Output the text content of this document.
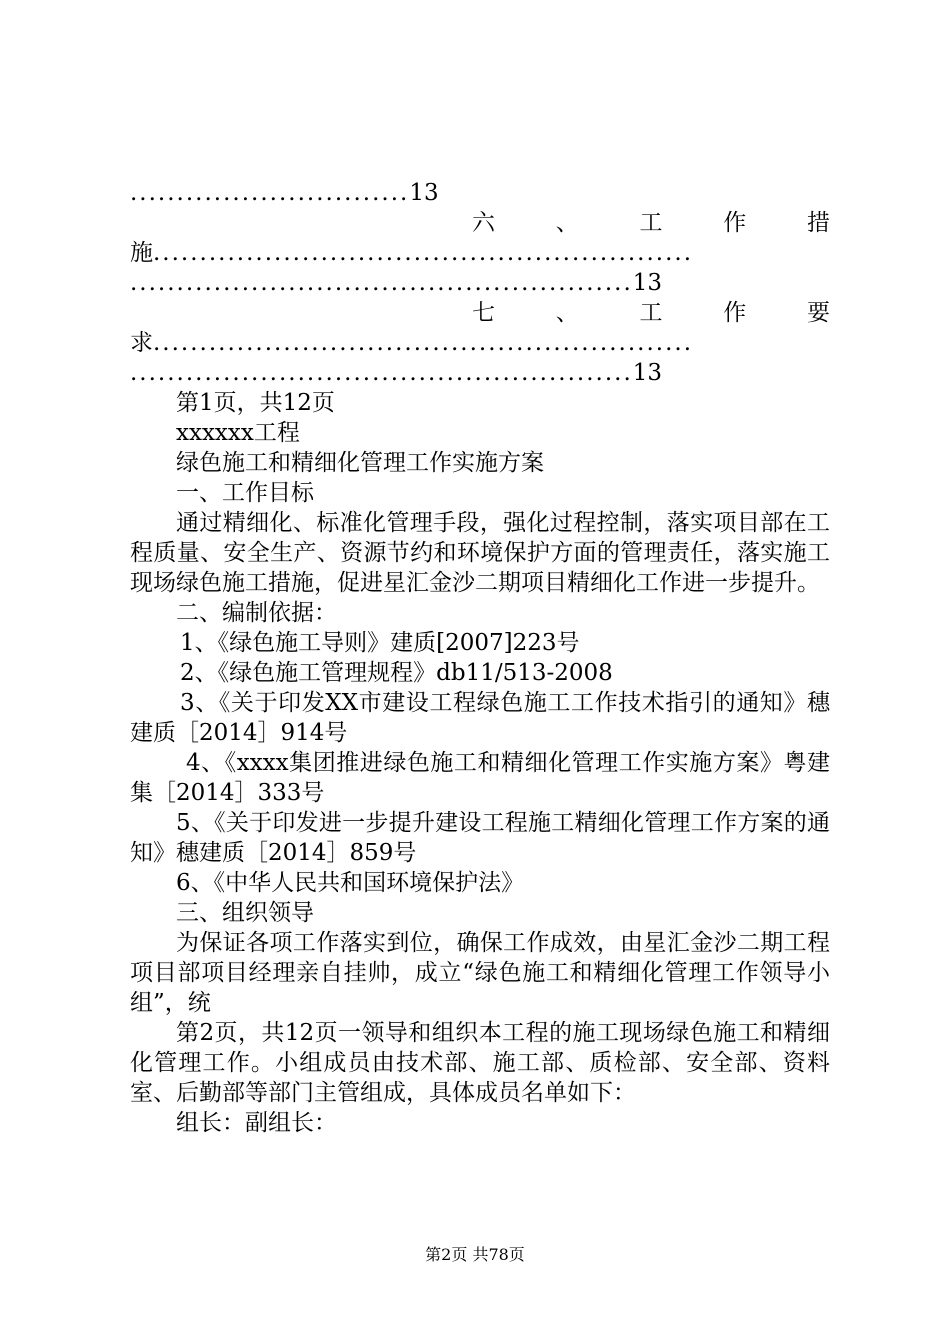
..............................13
六	、	工	作	措
施..........................................................
......................................................13
七	、	工	作	要
求..........................................................
......................................................13
第1页，共12页
xxxxxx工程
绿色施工和精细化管理工作实施方案
一、工作目标
通过精细化、标准化管理手段，强化过程控制，落实项目部在工程质量、安全生产、资源节约和环境保护方面的管理责任，落实施工现场绿色施工措施，促进星汇金沙二期项目精细化工作进一步提升。
二、编制依据：
1、《绿色施工导则》建质[2007]223号
2、《绿色施工管理规程》db11/513-2008
3、《关于印发XX市建设工程绿色施工工作技术指引的通知》穗建质［2014］914号
4、《xxxx集团推进绿色施工和精细化管理工作实施方案》粤建集［2014］333号
5、《关于印发进一步提升建设工程施工精细化管理工作方案的通知》穗建质［2014］859号
6、《中华人民共和国环境保护法》
三、组织领导
为保证各项工作落实到位，确保工作成效，由星汇金沙二期工程项目部项目经理亲自挂帅，成立“绿色施工和精细化管理工作领导小组”，统
第2页，共12页一领导和组织本工程的施工现场绿色施工和精细化管理工作。小组成员由技术部、施工部、质检部、安全部、资料室、后勤部等部门主管组成，具体成员名单如下：
组长：副组长：
第2页 共78页
